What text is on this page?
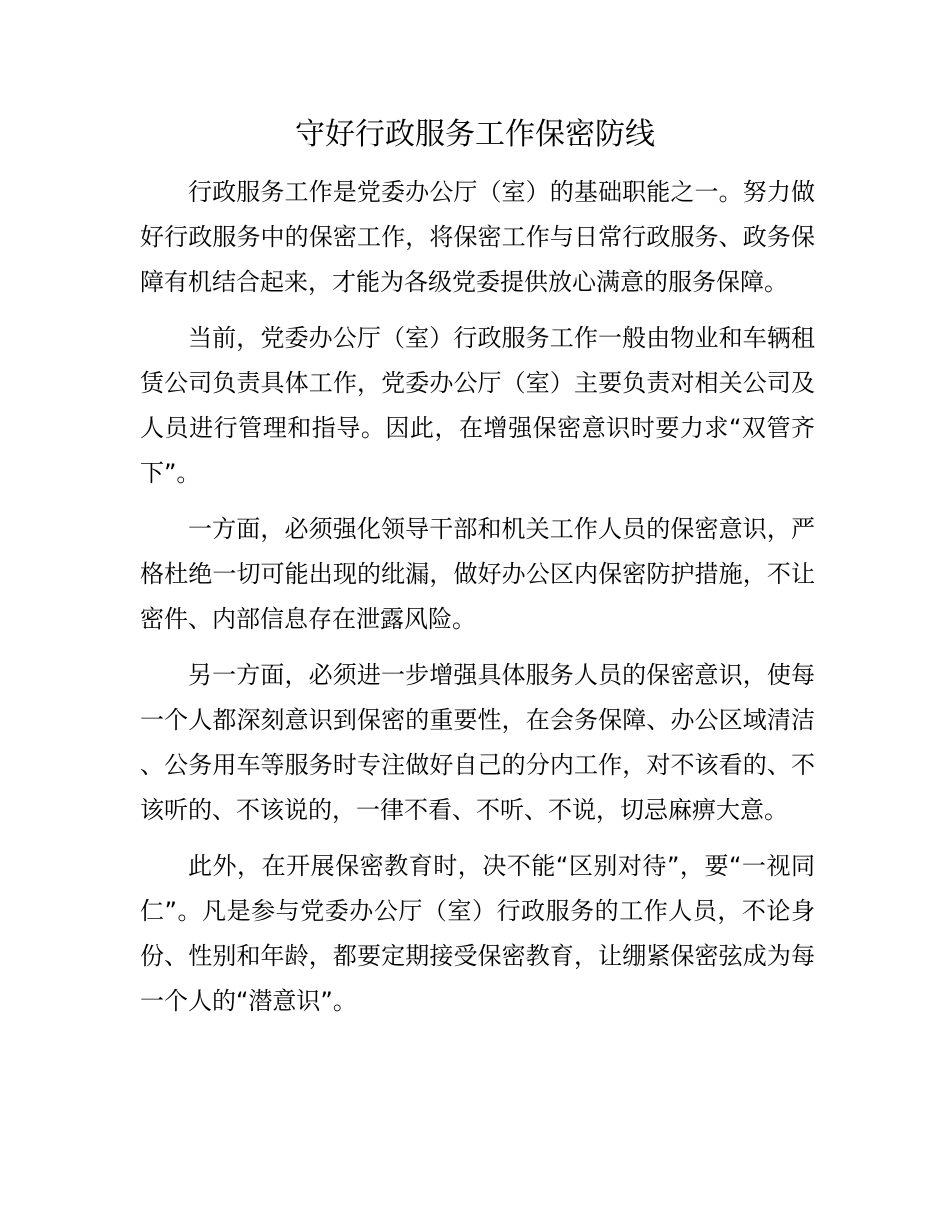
守好行政服务工作保密防线

行政服务工作是党委办公厅（室）的基础职能之一。努力做好行政服务中的保密工作，将保密工作与日常行政服务、政务保障有机结合起来，才能为各级党委提供放心满意的服务保障。

当前，党委办公厅（室）行政服务工作一般由物业和车辆租赁公司负责具体工作，党委办公厅（室）主要负责对相关公司及人员进行管理和指导。因此，在增强保密意识时要力求“双管齐下”。

一方面，必须强化领导干部和机关工作人员的保密意识，严格杜绝一切可能出现的纰漏，做好办公区内保密防护措施，不让密件、内部信息存在泄露风险。

另一方面，必须进一步增强具体服务人员的保密意识，使每一个人都深刻意识到保密的重要性，在会务保障、办公区域清洁、公务用车等服务时专注做好自己的分内工作，对不该看的、不该听的、不该说的，一律不看、不听、不说，切忌麻痹大意。

此外，在开展保密教育时，决不能“区别对待”，要“一视同仁”。凡是参与党委办公厅（室）行政服务的工作人员，不论身份、性别和年龄，都要定期接受保密教育，让绷紧保密弦成为每一个人的“潜意识”。
